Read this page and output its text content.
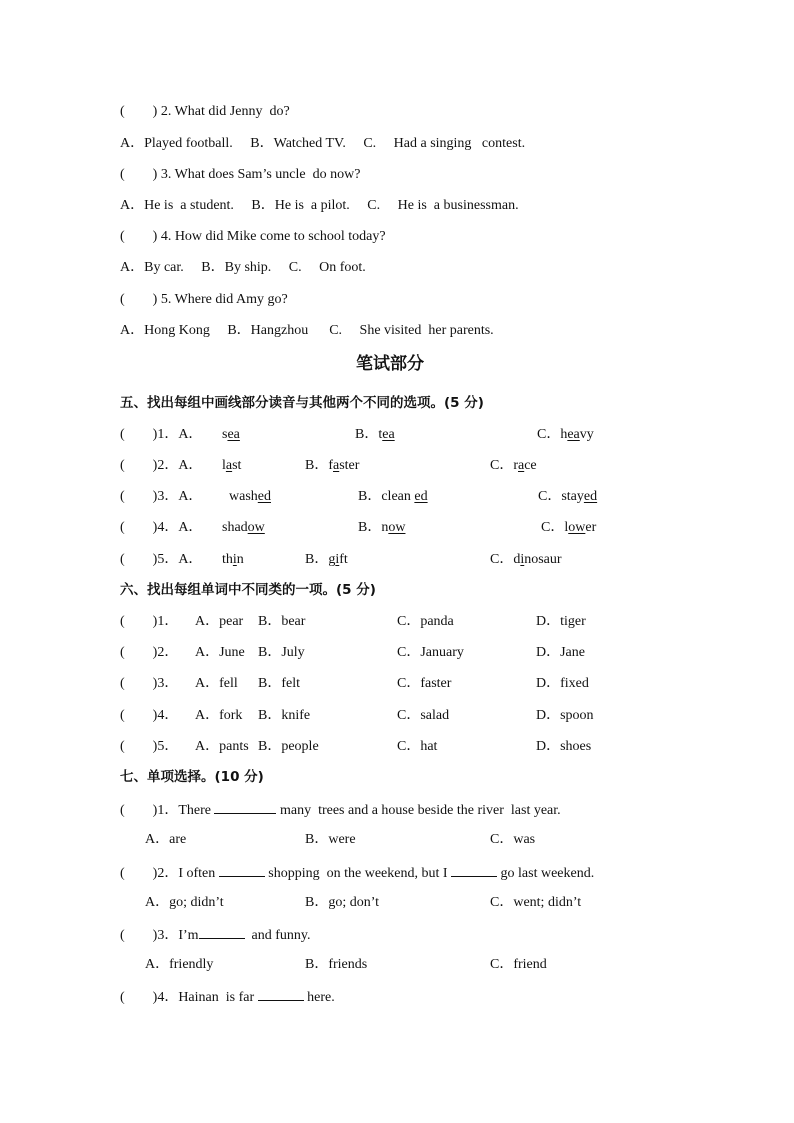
(        ) 2. What did Jenny  do?
A．Played football.     B．Watched TV.     C.     Had a singing   contest.
(        ) 3. What does Sam’s uncle  do now?
A．He is  a student.     B．He is  a pilot.     C.     He is  a businessman.
(        ) 4. How did Mike come to school today?
A．By car.     B．By ship.     C.     On foot.
(        ) 5. Where did Amy go?
A．Hong Kong     B．Hangzhou      C.     She visited  her parents.
笔试部分
五、找出每组中画线部分读音与其他两个不同的选项。(5 分)
(        )1．A． sea	B．tea	C．heavy
(        )2．A． last	B．faster	C．race
(        )3．A． washed	B．clean ed	C．stayed
(        )4．A． shadow	B．now	C．lower
(        )5．A． thin	B．gift	C．dinosaur
六、找出每组单词中不同类的一项。(5 分)
(        )1． A．pear B．bear	C．panda	D．tiger
(        )2． A．June B．July	C．January	D．Jane
(        )3． A．fell B．felt	C．faster	D．fixed
(        )4． A．fork B．knife	C．salad	D．spoon
(        )5． A．pants B．people	C．hat	D．shoes
七、单项选择。(10 分)
(        )1．There	many  trees and a house beside the river  last year.
A．are	B．were	C．was
(        )2．I often	shopping  on the weekend, but I	go last weekend.
A．go; didn’t	B．go; don’t	C．went; didn’t
(        )3．I’m	and funny.
A．friendly	B．friends	C．friend
(        )4．Hainan  is far	here.
